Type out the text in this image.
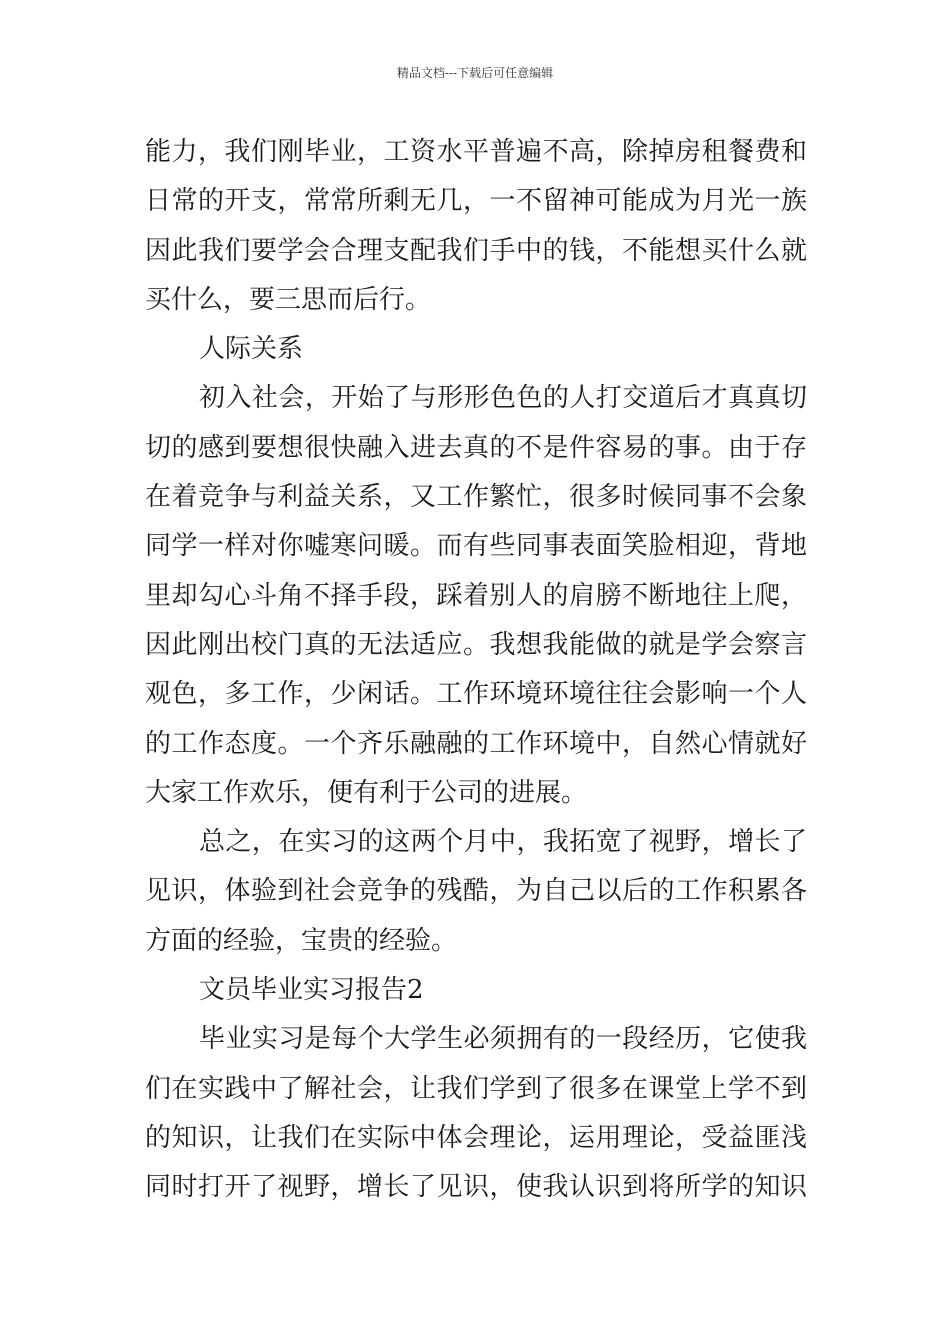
精品文档---下载后可任意编辑
能力，我们刚毕业，工资水平普遍不高，除掉房租餐费和
日常的开支，常常所剩无几，一不留神可能成为月光一族
因此我们要学会合理支配我们手中的钱，不能想买什么就
买什么，要三思而后行。
人际关系
初入社会，开始了与形形色色的人打交道后才真真切
切的感到要想很快融入进去真的不是件容易的事。由于存
在着竞争与利益关系，又工作繁忙，很多时候同事不会象
同学一样对你嘘寒问暖。而有些同事表面笑脸相迎，背地
里却勾心斗角不择手段，踩着别人的肩膀不断地往上爬，
因此刚出校门真的无法适应。我想我能做的就是学会察言
观色，多工作，少闲话。工作环境环境往往会影响一个人
的工作态度。一个齐乐融融的工作环境中，自然心情就好
大家工作欢乐，便有利于公司的进展。
总之，在实习的这两个月中，我拓宽了视野，增长了
见识，体验到社会竞争的残酷，为自己以后的工作积累各
方面的经验，宝贵的经验。
文员毕业实习报告2
毕业实习是每个大学生必须拥有的一段经历，它使我
们在实践中了解社会，让我们学到了很多在课堂上学不到
的知识，让我们在实际中体会理论，运用理论，受益匪浅
同时打开了视野，增长了见识，使我认识到将所学的知识
